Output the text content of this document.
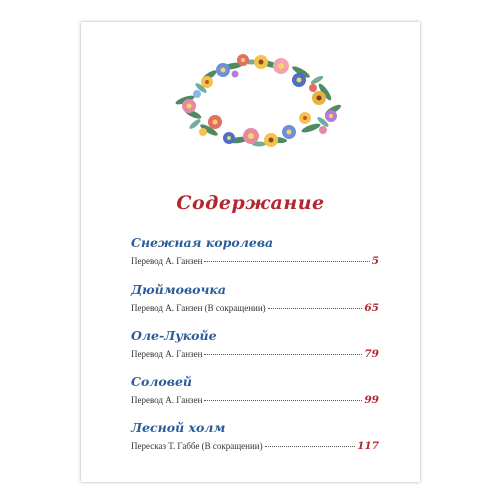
Содержание
Снежная королева
Перевод А. Ганзен	5
Дюймовочка
Перевод А. Ганзен (В сокращении)	65
Оле-Лукойе
Перевод А. Ганзен	79
Соловей
Перевод А. Ганзен	99
Лесной холм
Пересказ Т. Габбе (В сокращении)	117
